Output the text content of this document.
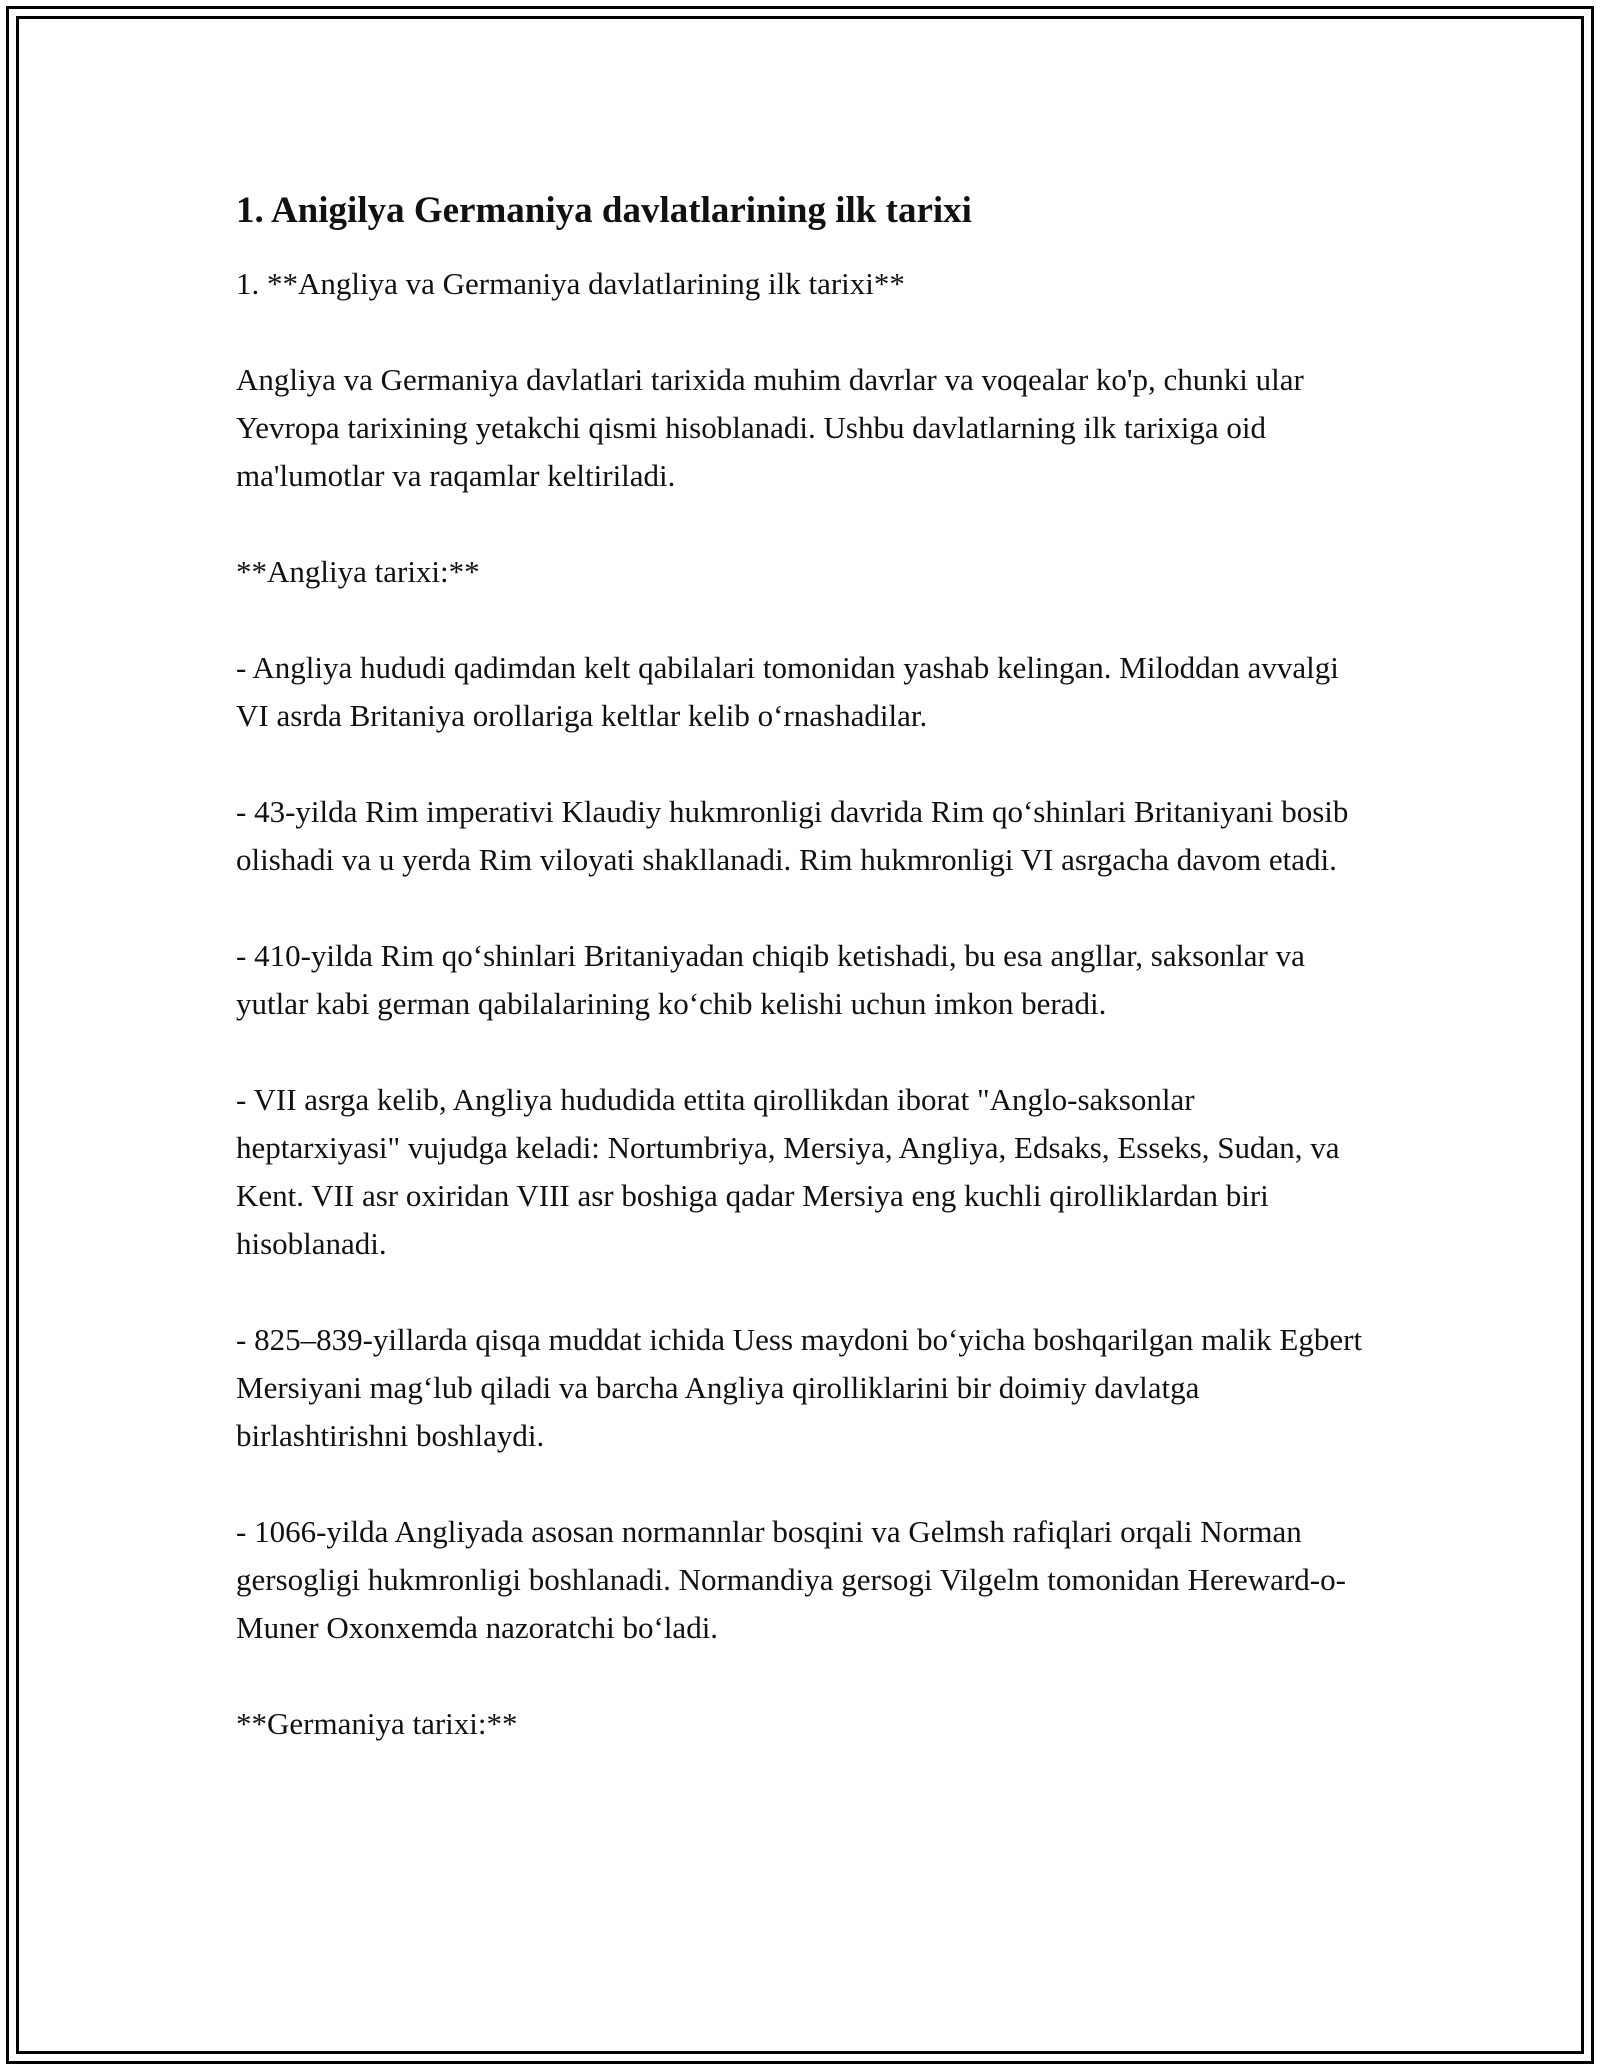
1. Anigilya Germaniya davlatlarining ilk tarixi

1. **Angliya va Germaniya davlatlarining ilk tarixi**

Angliya va Germaniya davlatlari tarixida muhim davrlar va voqealar ko'p, chunki ular Yevropa tarixining yetakchi qismi hisoblanadi. Ushbu davlatlarning ilk tarixiga oid ma'lumotlar va raqamlar keltiriladi.

**Angliya tarixi:**

- Angliya hududi qadimdan kelt qabilalari tomonidan yashab kelingan. Miloddan avvalgi VI asrda Britaniya orollariga keltlar kelib o‘rnashadilar.

- 43-yilda Rim imperativi Klaudiy hukmronligi davrida Rim qo‘shinlari Britaniyani bosib olishadi va u yerda Rim viloyati shakllanadi. Rim hukmronligi VI asrgacha davom etadi.

- 410-yilda Rim qo‘shinlari Britaniyadan chiqib ketishadi, bu esa angllar, saksonlar va yutlar kabi german qabilalarining ko‘chib kelishi uchun imkon beradi.

- VII asrga kelib, Angliya hududida ettita qirollikdan iborat "Anglo-saksonlar heptarxiyasi" vujudga keladi: Nortumbriya, Mersiya, Angliya, Edsaks, Esseks, Sudan, va Kent. VII asr oxiridan VIII asr boshiga qadar Mersiya eng kuchli qirolliklardan biri hisoblanadi.

- 825–839-yillarda qisqa muddat ichida Uess maydoni bo‘yicha boshqarilgan malik Egbert Mersiyani mag‘lub qiladi va barcha Angliya qirolliklarini bir doimiy davlatga birlashtirishni boshlaydi.

- 1066-yilda Angliyada asosan normannlar bosqini va Gelmsh rafiqlari orqali Norman gersogligi hukmronligi boshlanadi. Normandiya gersogi Vilgelm tomonidan Hereward-o-Muner Oxonxemda nazoratchi bo‘ladi.

**Germaniya tarixi:**
